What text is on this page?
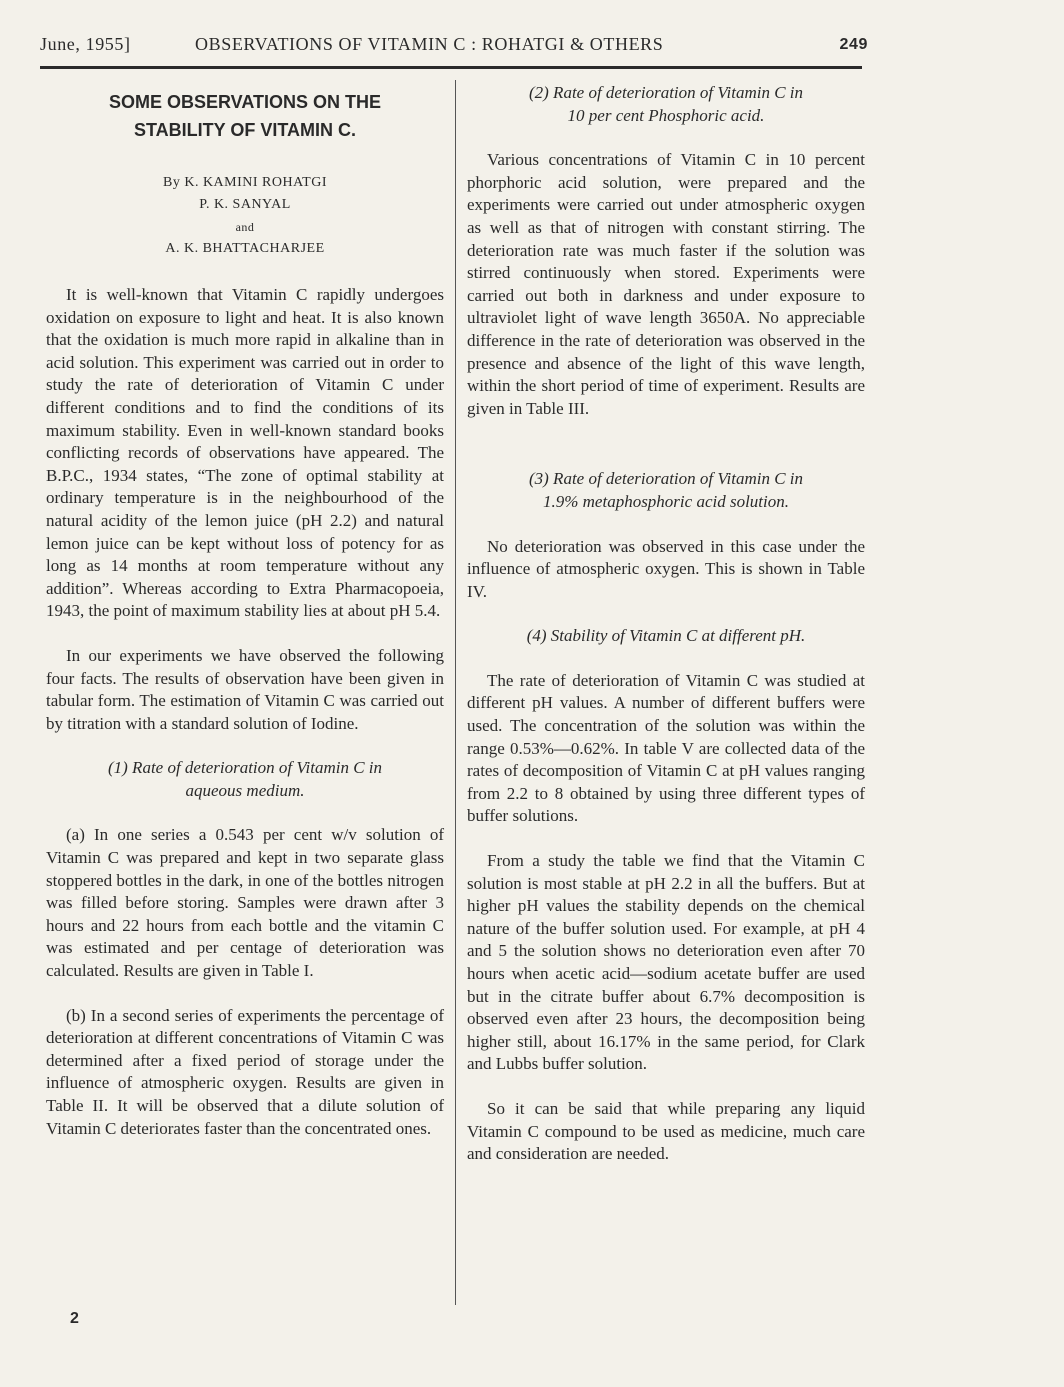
June, 1955]	OBSERVATIONS OF VITAMIN C : ROHATGI & OTHERS	249
SOME OBSERVATIONS ON THE
STABILITY OF VITAMIN C.
By K. KAMINI ROHATGI
P. K. SANYAL
and
A. K. BHATTACHARJEE

It is well-known that Vitamin C rapidly undergoes oxidation on exposure to light and heat. It is also known that the oxidation is much more rapid in alkaline than in acid solution. This experiment was carried out in order to study the rate of deterioration of Vitamin C under different conditions and to find the conditions of its maximum stability. Even in well-known standard books conflicting records of observations have appeared. The B.P.C., 1934 states, “The zone of optimal stability at ordinary temperature is in the neighbourhood of the natural acidity of the lemon juice (pH 2.2) and natural lemon juice can be kept without loss of potency for as long as 14 months at room temperature without any addition”. Whereas according to Extra Pharmacopoeia, 1943, the point of maximum stability lies at about pH 5.4.

In our experiments we have observed the following four facts. The results of observation have been given in tabular form. The estimation of Vitamin C was carried out by titration with a standard solution of Iodine.

(1) Rate of deterioration of Vitamin C in
aqueous medium.

(a) In one series a 0.543 per cent w/v solution of Vitamin C was prepared and kept in two separate glass stoppered bottles in the dark, in one of the bottles nitrogen was filled before storing. Samples were drawn after 3 hours and 22 hours from each bottle and the vitamin C was estimated and per centage of deterioration was calculated. Results are given in Table I.

(b) In a second series of experiments the percentage of deterioration at different concentrations of Vitamin C was determined after a fixed period of storage under the influence of atmospheric oxygen. Results are given in Table II. It will be observed that a dilute solution of Vitamin C deteriorates faster than the concentrated ones.

(2) Rate of deterioration of Vitamin C in
10 per cent Phosphoric acid.

Various concentrations of Vitamin C in 10 percent phorphoric acid solution, were prepared and the experiments were carried out under atmospheric oxygen as well as that of nitrogen with constant stirring. The deterioration rate was much faster if the solution was stirred continuously when stored. Experiments were carried out both in darkness and under exposure to ultraviolet light of wave length 3650A. No appreciable difference in the rate of deterioration was observed in the presence and absence of the light of this wave length, within the short period of time of experiment. Results are given in Table III.

(3) Rate of deterioration of Vitamin C in
1.9% metaphosphoric acid solution.

No deterioration was observed in this case under the influence of atmospheric oxygen. This is shown in Table IV.

(4) Stability of Vitamin C at different pH.

The rate of deterioration of Vitamin C was studied at different pH values. A number of different buffers were used. The concentration of the solution was within the range 0.53%—0.62%. In table V are collected data of the rates of decomposition of Vitamin C at pH values ranging from 2.2 to 8 obtained by using three different types of buffer solutions.

From a study the table we find that the Vitamin C solution is most stable at pH 2.2 in all the buffers. But at higher pH values the stability depends on the chemical nature of the buffer solution used. For example, at pH 4 and 5 the solution shows no deterioration even after 70 hours when acetic acid—sodium acetate buffer are used but in the citrate buffer about 6.7% decomposition is observed even after 23 hours, the decomposition being higher still, about 16.17% in the same period, for Clark and Lubbs buffer solution.

So it can be said that while preparing any liquid Vitamin C compound to be used as medicine, much care and consideration are needed.

2
